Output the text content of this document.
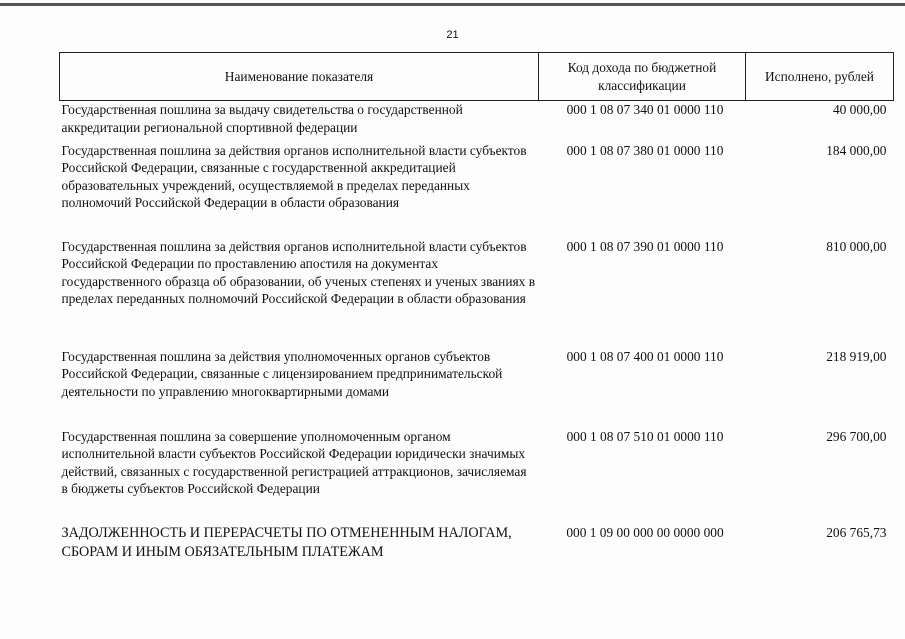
21
Наименование показателя	Код дохода по бюджетной классификации	Исполнено, рублей
Государственная пошлина за выдачу свидетельства о государственной аккредитации региональной спортивной федерации	000 1 08 07 340 01 0000 110	40 000,00
Государственная пошлина за действия органов исполнительной власти субъектов Российской Федерации, связанные с государственной аккредитацией образовательных учреждений, осуществляемой в пределах переданных полномочий Российской Федерации в области образования	000 1 08 07 380 01 0000 110	184 000,00
Государственная пошлина за действия органов исполнительной власти субъектов Российской Федерации по проставлению апостиля на документах государственного образца об образовании, об ученых степенях и ученых званиях в пределах переданных полномочий Российской Федерации в области образования	000 1 08 07 390 01 0000 110	810 000,00
Государственная пошлина за действия уполномоченных органов субъектов Российской Федерации, связанные с лицензированием предпринимательской деятельности по управлению многоквартирными домами	000 1 08 07 400 01 0000 110	218 919,00
Государственная пошлина за совершение уполномоченным органом исполнительной власти субъектов Российской Федерации юридически значимых действий, связанных с государственной регистрацией аттракционов, зачисляемая в бюджеты субъектов Российской Федерации	000 1 08 07 510 01 0000 110	296 700,00
ЗАДОЛЖЕННОСТЬ И ПЕРЕРАСЧЕТЫ ПО ОТМЕНЕННЫМ НАЛОГАМ, СБОРАМ И ИНЫМ ОБЯЗАТЕЛЬНЫМ ПЛАТЕЖАМ	000 1 09 00 000 00 0000 000	206 765,73
